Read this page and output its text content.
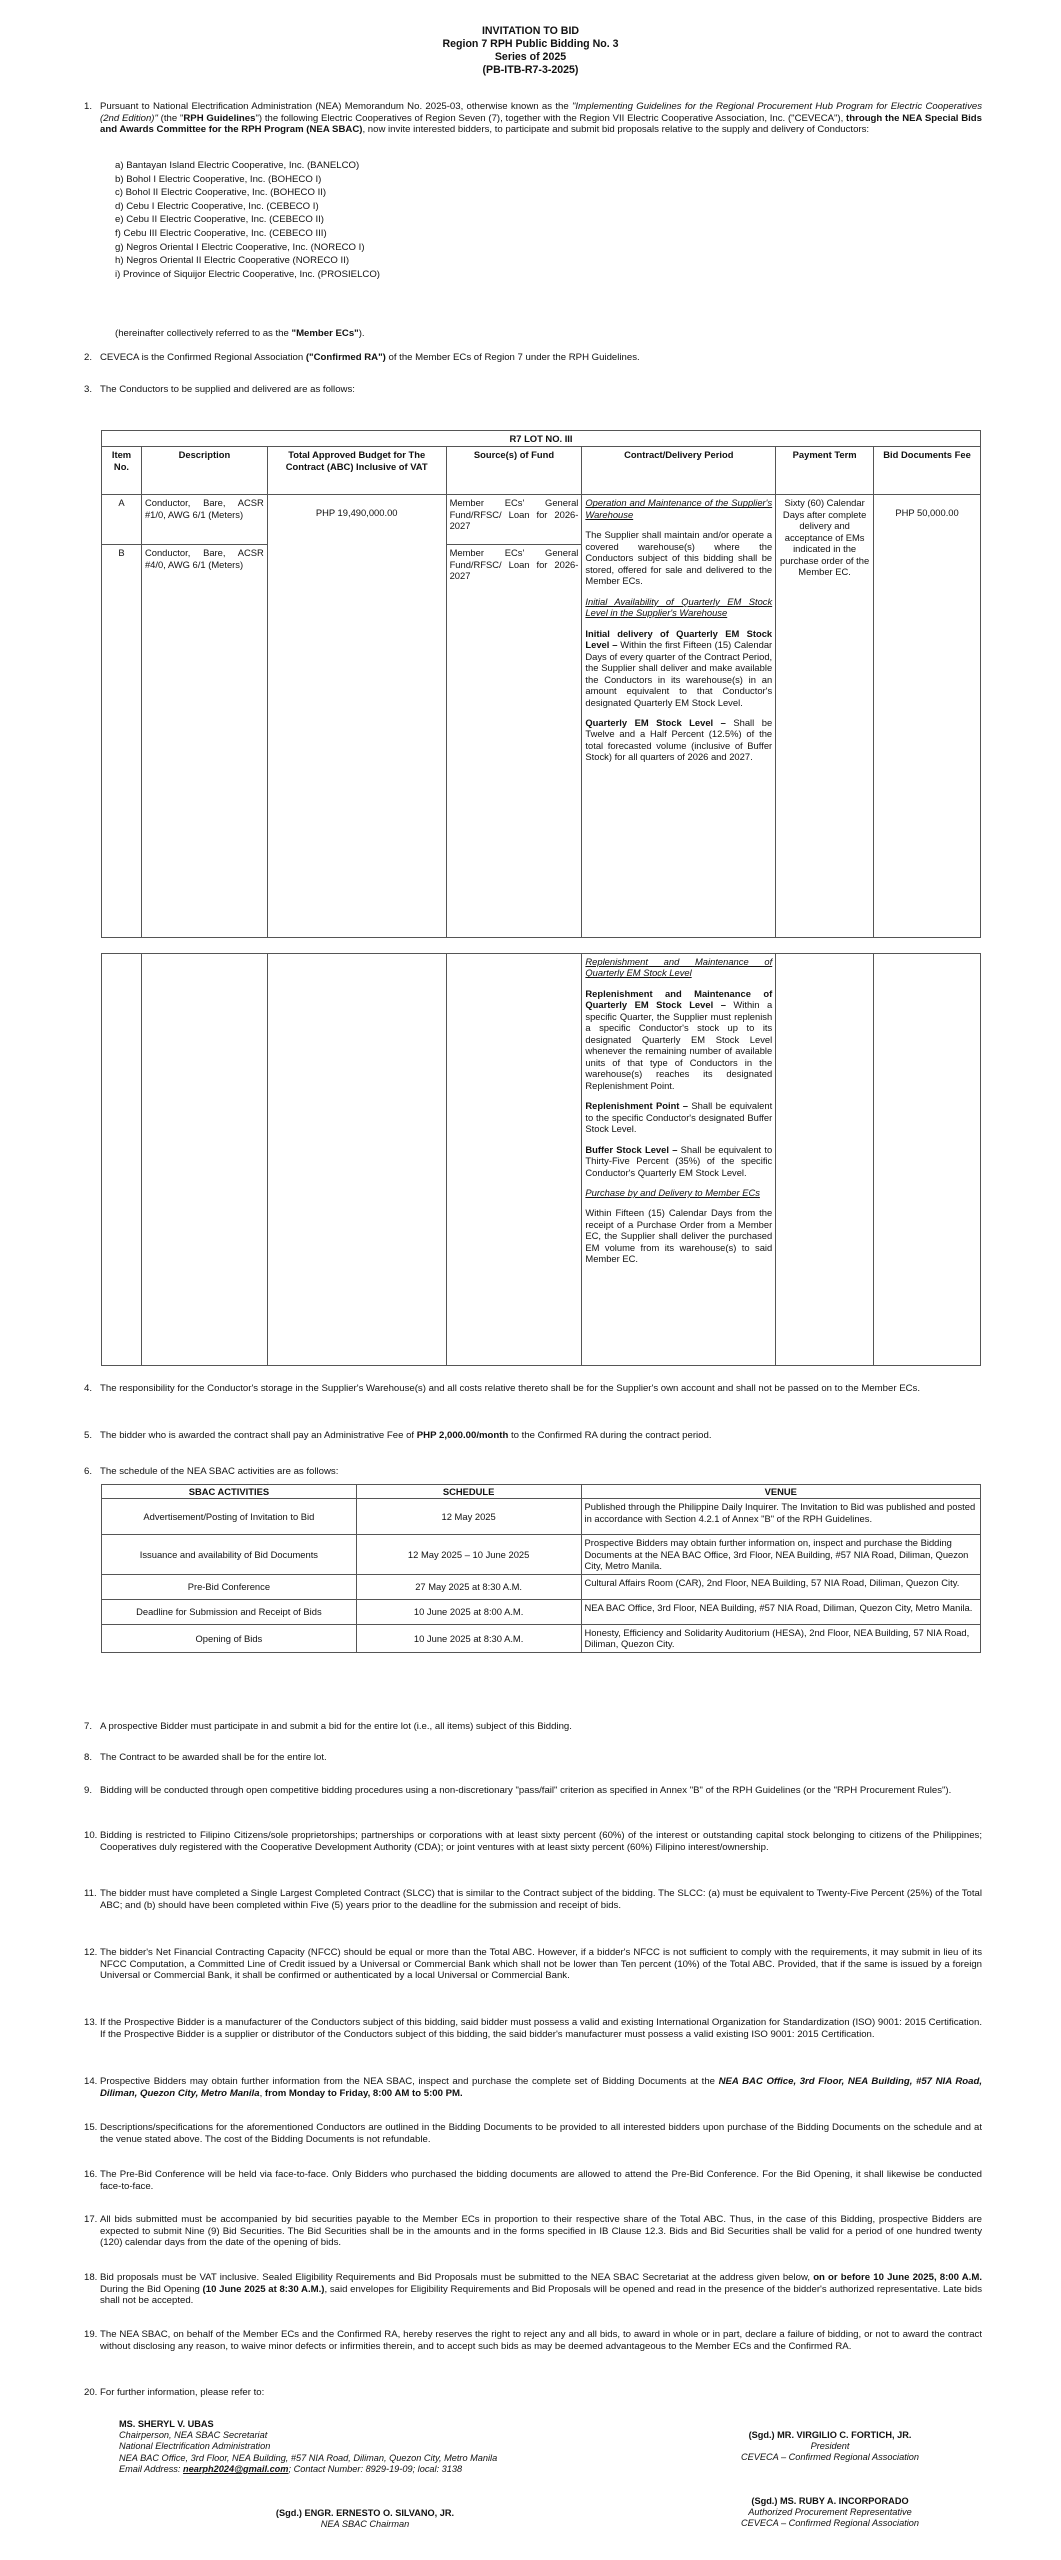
INVITATION TO BID
Region 7 RPH Public Bidding No. 3
Series of 2025
(PB-ITB-R7-3-2025)
1. Pursuant to National Electrification Administration (NEA) Memorandum No. 2025-03, otherwise known as the "Implementing Guidelines for the Regional Procurement Hub Program for Electric Cooperatives (2nd Edition)" (the "RPH Guidelines") the following Electric Cooperatives of Region Seven (7), together with the Region VII Electric Cooperative Association, Inc. ("CEVECA"), through the NEA Special Bids and Awards Committee for the RPH Program (NEA SBAC), now invite interested bidders, to participate and submit bid proposals relative to the supply and delivery of Conductors:
a) Bantayan Island Electric Cooperative, Inc. (BANELCO)
b) Bohol I Electric Cooperative, Inc. (BOHECO I)
c) Bohol II Electric Cooperative, Inc. (BOHECO II)
d) Cebu I Electric Cooperative, Inc. (CEBECO I)
e) Cebu II Electric Cooperative, Inc. (CEBECO II)
f) Cebu III Electric Cooperative, Inc. (CEBECO III)
g) Negros Oriental I Electric Cooperative, Inc. (NORECO I)
h) Negros Oriental II Electric Cooperative (NORECO II)
i) Province of Siquijor Electric Cooperative, Inc. (PROSIELCO)
(hereinafter collectively referred to as the "Member ECs").
2. CEVECA is the Confirmed Regional Association ("Confirmed RA") of the Member ECs of Region 7 under the RPH Guidelines.
3. The Conductors to be supplied and delivered are as follows:
R7 LOT NO. III						
Item No.	Description	Total Approved Budget for The Contract (ABC) Inclusive of VAT	Source(s) of Fund	Contract/Delivery Period	Payment Term	Bid Documents Fee
A	Conductor, Bare, ACSR #1/0, AWG 6/1 (Meters)	PHP 19,490,000.00	Member ECs' General Fund/RFSC/ Loan for 2026-2027	Operation and Maintenance of the Supplier's Warehouse
The Supplier shall maintain and/or operate a covered warehouse(s) where the Conductors subject of this bidding shall be stored, offered for sale and delivered to the Member ECs.
Initial Availability of Quarterly EM Stock Level in the Supplier's Warehouse
Initial delivery of Quarterly EM Stock Level – Within the first Fifteen (15) Calendar Days of every quarter of the Contract Period, the Supplier shall deliver and make available the Conductors in its warehouse(s) in an amount equivalent to that Conductor's designated Quarterly EM Stock Level.
Quarterly EM Stock Level – Shall be Twelve and a Half Percent (12.5%) of the total forecasted volume (inclusive of Buffer Stock) for all quarters of 2026 and 2027.	Sixty (60) Calendar Days after complete delivery and acceptance of EMs indicated in the purchase order of the Member EC.	PHP 50,000.00

B	Conductor, Bare, ACSR #4/0, AWG 6/1 (Meters)		Member ECs' General Fund/RFSC/ Loan for 2026-2027			

Replenishment and Maintenance of Quarterly EM Stock Level
Replenishment and Maintenance of Quarterly EM Stock Level – Within a specific Quarter, the Supplier must replenish a specific Conductor's stock up to its designated Quarterly EM Stock Level whenever the remaining number of available units of that type of Conductors in the warehouse(s) reaches its designated Replenishment Point.
Replenishment Point – Shall be equivalent to the specific Conductor's designated Buffer Stock Level.
Buffer Stock Level – Shall be equivalent to Thirty-Five Percent (35%) of the specific Conductor's Quarterly EM Stock Level.
Purchase by and Delivery to Member ECs
Within Fifteen (15) Calendar Days from the receipt of a Purchase Order from a Member EC, the Supplier shall deliver the purchased EM volume from its warehouse(s) to said Member EC.

4. The responsibility for the Conductor's storage in the Supplier's Warehouse(s) and all costs relative thereto shall be for the Supplier's own account and shall not be passed on to the Member ECs.
5. The bidder who is awarded the contract shall pay an Administrative Fee of PHP 2,000.00/month to the Confirmed RA during the contract period.
6. The schedule of the NEA SBAC activities are as follows:
SBAC ACTIVITIES	SCHEDULE	VENUE
Advertisement/Posting of Invitation to Bid	12 May 2025	Published through the Philippine Daily Inquirer. The Invitation to Bid was published and posted in accordance with Section 4.2.1 of Annex "B" of the RPH Guidelines.
Issuance and availability of Bid Documents	12 May 2025 – 10 June 2025	Prospective Bidders may obtain further information on, inspect and purchase the Bidding Documents at the NEA BAC Office, 3rd Floor, NEA Building, #57 NIA Road, Diliman, Quezon City, Metro Manila.
Pre-Bid Conference	27 May 2025 at 8:30 A.M.	Cultural Affairs Room (CAR), 2nd Floor, NEA Building, 57 NIA Road, Diliman, Quezon City.
Deadline for Submission and Receipt of Bids	10 June 2025 at 8:00 A.M.	NEA BAC Office, 3rd Floor, NEA Building, #57 NIA Road, Diliman, Quezon City, Metro Manila.
Opening of Bids	10 June 2025 at 8:30 A.M.	Honesty, Efficiency and Solidarity Auditorium (HESA), 2nd Floor, NEA Building, 57 NIA Road, Diliman, Quezon City.
7. A prospective Bidder must participate in and submit a bid for the entire lot (i.e., all items) subject of this Bidding.
8. The Contract to be awarded shall be for the entire lot.
9. Bidding will be conducted through open competitive bidding procedures using a non-discretionary "pass/fail" criterion as specified in Annex "B" of the RPH Guidelines (or the "RPH Procurement Rules").
10. Bidding is restricted to Filipino Citizens/sole proprietorships; partnerships or corporations with at least sixty percent (60%) of the interest or outstanding capital stock belonging to citizens of the Philippines; Cooperatives duly registered with the Cooperative Development Authority (CDA); or joint ventures with at least sixty percent (60%) Filipino interest/ownership.
11. The bidder must have completed a Single Largest Completed Contract (SLCC) that is similar to the Contract subject of the bidding. The SLCC: (a) must be equivalent to Twenty-Five Percent (25%) of the Total ABC; and (b) should have been completed within Five (5) years prior to the deadline for the submission and receipt of bids.
12. The bidder's Net Financial Contracting Capacity (NFCC) should be equal or more than the Total ABC. However, if a bidder's NFCC is not sufficient to comply with the requirements, it may submit in lieu of its NFCC Computation, a Committed Line of Credit issued by a Universal or Commercial Bank which shall not be lower than Ten percent (10%) of the Total ABC. Provided, that if the same is issued by a foreign Universal or Commercial Bank, it shall be confirmed or authenticated by a local Universal or Commercial Bank.
13. If the Prospective Bidder is a manufacturer of the Conductors subject of this bidding, said bidder must possess a valid and existing International Organization for Standardization (ISO) 9001: 2015 Certification. If the Prospective Bidder is a supplier or distributor of the Conductors subject of this bidding, the said bidder's manufacturer must possess a valid existing ISO 9001: 2015 Certification.
14. Prospective Bidders may obtain further information from the NEA SBAC, inspect and purchase the complete set of Bidding Documents at the NEA BAC Office, 3rd Floor, NEA Building, #57 NIA Road, Diliman, Quezon City, Metro Manila, from Monday to Friday, 8:00 AM to 5:00 PM.
15. Descriptions/specifications for the aforementioned Conductors are outlined in the Bidding Documents to be provided to all interested bidders upon purchase of the Bidding Documents on the schedule and at the venue stated above. The cost of the Bidding Documents is not refundable.
16. The Pre-Bid Conference will be held via face-to-face. Only Bidders who purchased the bidding documents are allowed to attend the Pre-Bid Conference. For the Bid Opening, it shall likewise be conducted face-to-face.
17. All bids submitted must be accompanied by bid securities payable to the Member ECs in proportion to their respective share of the Total ABC. Thus, in the case of this Bidding, prospective Bidders are expected to submit Nine (9) Bid Securities. The Bid Securities shall be in the amounts and in the forms specified in IB Clause 12.3. Bids and Bid Securities shall be valid for a period of one hundred twenty (120) calendar days from the date of the opening of bids.
18. Bid proposals must be VAT inclusive. Sealed Eligibility Requirements and Bid Proposals must be submitted to the NEA SBAC Secretariat at the address given below, on or before 10 June 2025, 8:00 A.M. During the Bid Opening (10 June 2025 at 8:30 A.M.), said envelopes for Eligibility Requirements and Bid Proposals will be opened and read in the presence of the bidder's authorized representative. Late bids shall not be accepted.
19. The NEA SBAC, on behalf of the Member ECs and the Confirmed RA, hereby reserves the right to reject any and all bids, to award in whole or in part, declare a failure of bidding, or not to award the contract without disclosing any reason, to waive minor defects or infirmities therein, and to accept such bids as may be deemed advantageous to the Member ECs and the Confirmed RA.
20. For further information, please refer to:
MS. SHERYL V. UBAS
Chairperson, NEA SBAC Secretariat
National Electrification Administration
NEA BAC Office, 3rd Floor, NEA Building, #57 NIA Road, Diliman, Quezon City, Metro Manila
Email Address: nearph2024@gmail.com; Contact Number: 8929-19-09; local: 3138
(Sgd.) MR. VIRGILIO C. FORTICH, JR.
President
CEVECA – Confirmed Regional Association
(Sgd.) ENGR. ERNESTO O. SILVANO, JR.
NEA SBAC Chairman
(Sgd.) MS. RUBY A. INCORPORADO
Authorized Procurement Representative
CEVECA – Confirmed Regional Association
